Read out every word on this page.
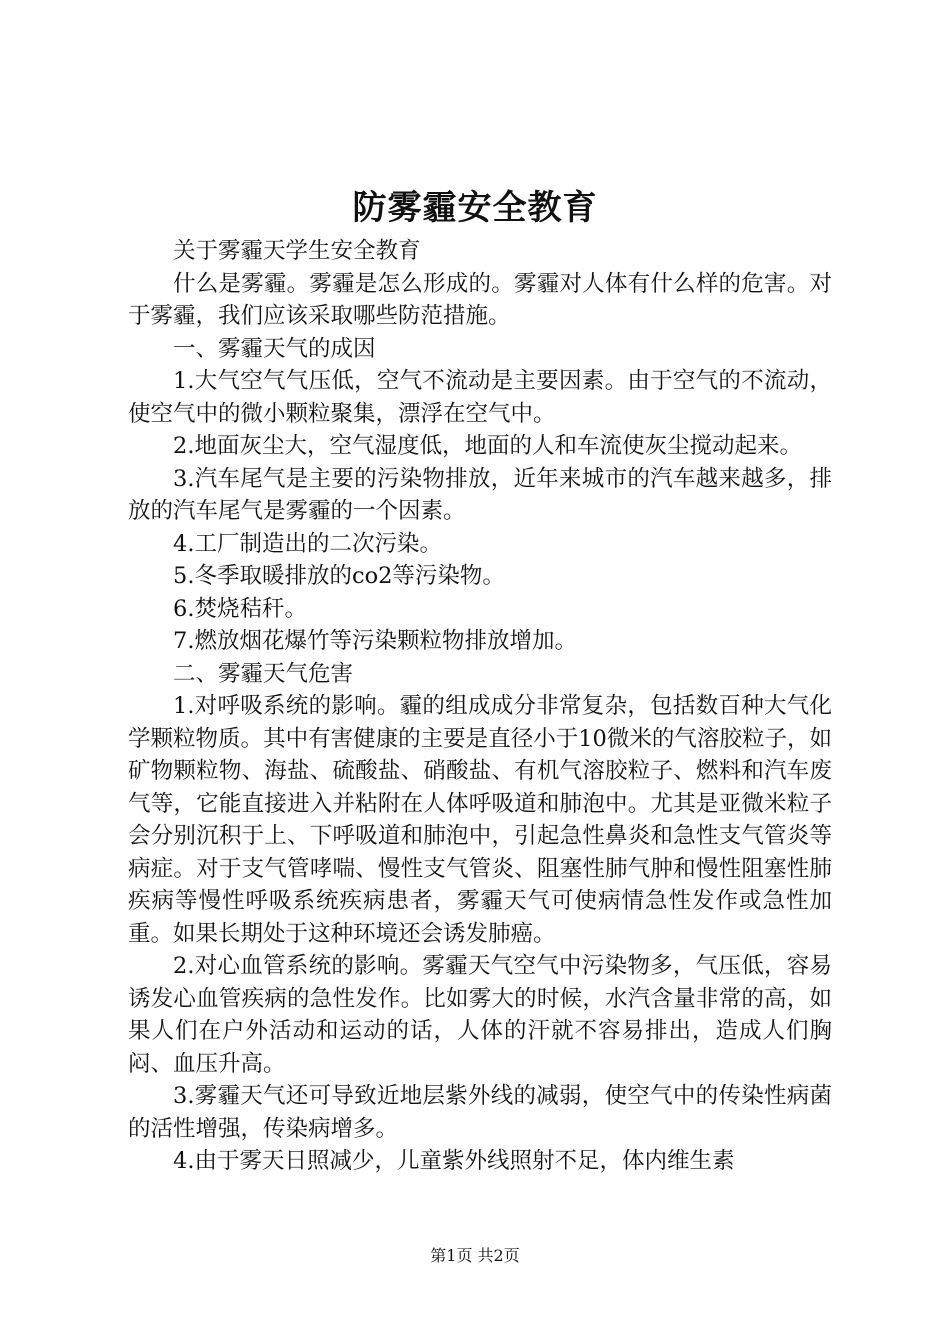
防雾霾安全教育

关于雾霾天学生安全教育

什么是雾霾。雾霾是怎么形成的。雾霾对人体有什么样的危害。对于雾霾，我们应该采取哪些防范措施。

一、雾霾天气的成因

1.大气空气气压低，空气不流动是主要因素。由于空气的不流动，使空气中的微小颗粒聚集，漂浮在空气中。

2.地面灰尘大，空气湿度低，地面的人和车流使灰尘搅动起来。

3.汽车尾气是主要的污染物排放，近年来城市的汽车越来越多，排放的汽车尾气是雾霾的一个因素。

4.工厂制造出的二次污染。

5.冬季取暖排放的co2等污染物。

6.焚烧秸秆。

7.燃放烟花爆竹等污染颗粒物排放增加。

二、雾霾天气危害

1.对呼吸系统的影响。霾的组成成分非常复杂，包括数百种大气化学颗粒物质。其中有害健康的主要是直径小于10微米的气溶胶粒子，如矿物颗粒物、海盐、硫酸盐、硝酸盐、有机气溶胶粒子、燃料和汽车废气等，它能直接进入并粘附在人体呼吸道和肺泡中。尤其是亚微米粒子会分别沉积于上、下呼吸道和肺泡中，引起急性鼻炎和急性支气管炎等病症。对于支气管哮喘、慢性支气管炎、阻塞性肺气肿和慢性阻塞性肺疾病等慢性呼吸系统疾病患者，雾霾天气可使病情急性发作或急性加重。如果长期处于这种环境还会诱发肺癌。

2.对心血管系统的影响。雾霾天气空气中污染物多，气压低，容易诱发心血管疾病的急性发作。比如雾大的时候，水汽含量非常的高，如果人们在户外活动和运动的话，人体的汗就不容易排出，造成人们胸闷、血压升高。

3.雾霾天气还可导致近地层紫外线的减弱，使空气中的传染性病菌的活性增强，传染病增多。

4.由于雾天日照减少，儿童紫外线照射不足，体内维生素

第1页 共2页
